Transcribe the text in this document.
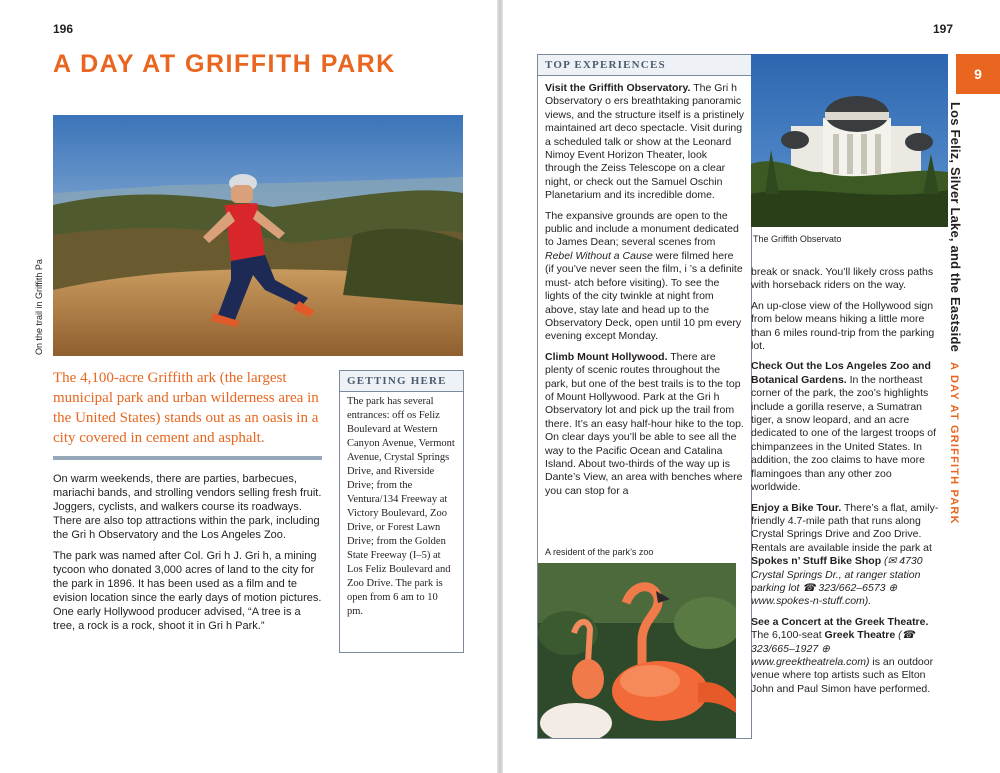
196
A DAY AT GRIFFITH PARK
On the trail in Griffith Pa

The 4,100-acre Griffith ark (the largest municipal park and urban wilderness area in the United States) stands out as an oasis in a city covered in cement and asphalt.

On warm weekends, there are parties, barbecues, mariachi bands, and strolling vendors selling fresh fruit. Joggers, cyclists, and walkers course its roadways. There are also top attractions within the park, including the Gri h Observatory and the Los Angeles Zoo.

The park was named after Col. Gri h J. Gri h, a mining tycoon who donated 3,000 acres of land to the city for the park in 1896. It has been used as a film and te evision location since the early days of motion pictures. One early Hollywood producer advised, “A tree is a tree, a rock is a rock, shoot it in Gri h Park.”

GETTING HERE

The park has several entrances: off os Feliz Boulevard at Western Canyon Avenue, Vermont Avenue, Crystal Springs Drive, and Riverside Drive; from the Ventura/134 Freeway at Victory Boulevard, Zoo Drive, or Forest Lawn Drive; from the Golden State Freeway (I–5) at Los Feliz Boulevard and Zoo Drive. The park is open from 6 am to 10 pm.

197
TOP EXPERIENCES

Visit the Griffith Observatory. The Gri h Observatory o ers breathtaking panoramic views, and the structure itself is a pristinely maintained art deco spectacle. Visit during a scheduled talk or show at the Leonard Nimoy Event Horizon Theater, look through the Zeiss Telescope on a clear night, or check out the Samuel Oschin Planetarium and its incredible dome.

The expansive grounds are open to the public and include a monument dedicated to James Dean; several scenes from Rebel Without a Cause were filmed here (if you’ve never seen the film, i ’s a definite must- atch before visiting). To see the lights of the city twinkle at night from above, stay late and head up to the Observatory Deck, open until 10 pm every evening except Monday.

Climb Mount Hollywood. There are plenty of scenic routes throughout the park, but one of the best trails is to the top of Mount Hollywood. Park at the Gri h Observatory lot and pick up the trail from there. It’s an easy half-hour hike to the top. On clear days you’ll be able to see all the way to the Pacific Ocean and Catalina Island. About two-thirds of the way up is Dante’s View, an area with benches where you can stop for a

A resident of the park’s zoo
The Griffith Observato

break or snack. You’ll likely cross paths with horseback riders on the way.

An up-close view of the Hollywood sign from below means hiking a little more than 6 miles round-trip from the parking lot.

Check Out the Los Angeles Zoo and Botanical Gardens. In the northeast corner of the park, the zoo’s highlights include a gorilla reserve, a Sumatran tiger, a snow leopard, and an acre dedicated to one of the largest troops of chimpanzees in the United States. In addition, the zoo claims to have more flamingoes than any other zoo worldwide.

Enjoy a Bike Tour. There’s a flat, amily-friendly 4.7-mile path that runs along Crystal Springs Drive and Zoo Drive. Rentals are available inside the park at Spokes n’ Stuff Bike Shop (✉ 4730 Crystal Springs Dr., at ranger station parking lot ☎ 323/662–6573 ⊕ www.spokes-n-stuff.com).

See a Concert at the Greek Theatre. The 6,100-seat Greek Theatre (☎ 323/665–1927 ⊕ www.greektheatrela.com) is an outdoor venue where top artists such as Elton John and Paul Simon have performed.

9
Los Feliz, Silver Lake, and the EastsideA DAY AT GRIFFITH PARK
